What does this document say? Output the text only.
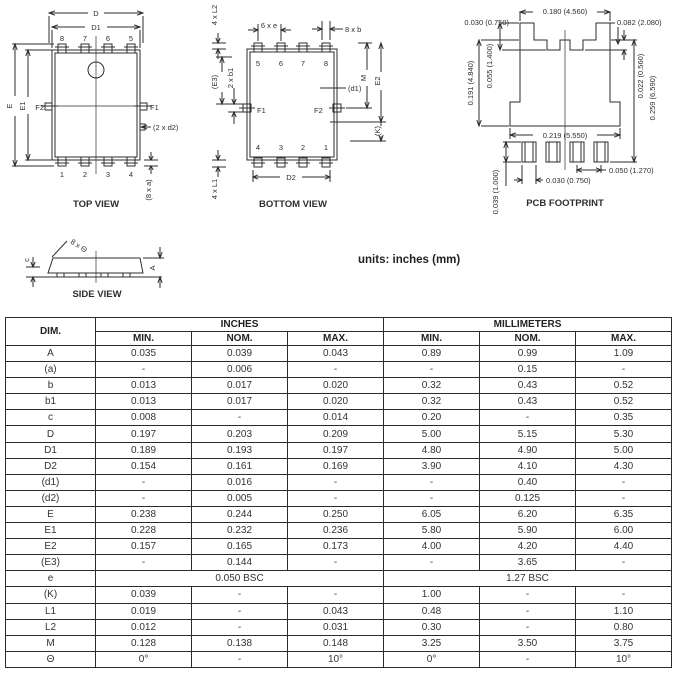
D
D1
8	7	6	5
1	2	3	4
E E1 F2	F1
(2 x d2)
(8 x a)
TOP VIEW
4 x L2
6 x e	8 x b
5	6 7	8
(E3) 2 x b1
F1	F2
(d1)
M E2
(K)
4	3 2	1
D2
4 x L1
BOTTOM VIEW
0.180 (4.560)
0.030 (0.750)	0.082 (2.080)
0.191 (4.840) 0.055 (1.400)	0.022 (0.560) 0.259 (6.590)
0.219 (5.550)
0.050 (1.270)
0.030 (0.750)
0.039 (1.000)	PCB FOOTPRINT
8 x Θ
c
A
SIDE VIEW
units: inches (mm)
DIM.	INCHES			MILLIMETERS		
	MIN.	NOM.	MAX.	MIN.	NOM.	MAX.
A	0.035	0.039	0.043	0.89	0.99	1.09
(a)	-	0.006	-	-	0.15	-
b	0.013	0.017	0.020	0.32	0.43	0.52
b1	0.013	0.017	0.020	0.32	0.43	0.52
c	0.008	-	0.014	0.20	-	0.35
D	0.197	0.203	0.209	5.00	5.15	5.30
D1	0.189	0.193	0.197	4.80	4.90	5.00
D2	0.154	0.161	0.169	3.90	4.10	4.30
(d1)	-	0.016	-	-	0.40	-
(d2)	-	0.005	-	-	0.125	-
E	0.238	0.244	0.250	6.05	6.20	6.35
E1	0.228	0.232	0.236	5.80	5.90	6.00
E2	0.157	0.165	0.173	4.00	4.20	4.40
(E3)	-	0.144	-	-	3.65	-
e	0.050 BSC			1.27 BSC		
(K)	0.039	-	-	1.00	-	-
L1	0.019	-	0.043	0.48	-	1.10
L2	0.012	-	0.031	0.30	-	0.80
M	0.128	0.138	0.148	3.25	3.50	3.75
Θ	0°	-	10°	0°	-	10°
